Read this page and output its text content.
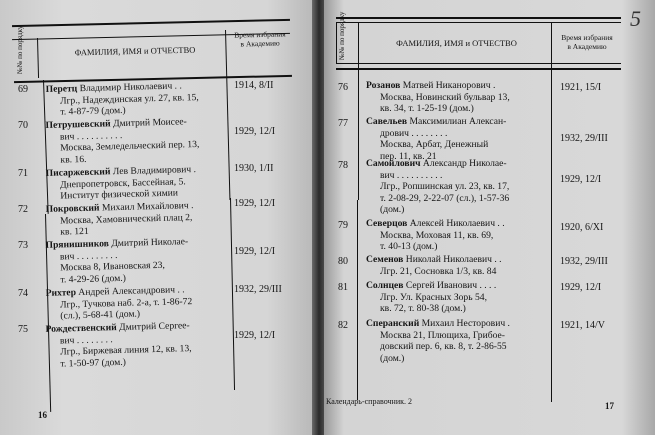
№№ по порядку	ФАМИЛИЯ, ИМЯ и ОТЧЕСТВО
Время избрания
в Академию
69 Перетц Владимир Николаевич . .
Лгр., Надеждинская ул. 27, кв. 15,
т. 4-87-79 (дом.)
1914, 8/II
70 Петрушевский Дмитрий Моисее-
вич . . . . . . . . . .
Москва, Земледельческий пер. 13,
кв. 16.
1929, 12/I
71 Писаржевский Лев Владимирович .
Днепропетровск, Бассейная, 5.
Институт физической химии
1930, 1/II
72 Покровский Михаил Михайлович .
Москва, Хамовнический плац 2,
кв. 121
1929, 12/I
73 Прянишников Дмитрий Николае-
вич . . . . . . . . .
Москва 8, Ивановская 23,
т. 4-29-26 (дом.)
1929, 12/I
74 Рихтер Андрей Александрович . .
Лгр., Тучкова наб. 2-а, т. 1-86-72
(сл.), 5-68-41 (дом.)
1932, 29/III
75 Рождественский Дмитрий Сергее-
вич . . . . . . . .
Лгр., Биржевая линия 12, кв. 13,
т. 1-50-97 (дом.)
1929, 12/I
16
№№ по порядку	ФАМИЛИЯ, ИМЯ и ОТЧЕСТВО
Время избрания
в Академию
76 Розанов Матвей Никанорович .
Москва, Новинский бульвар 13,
кв. 34, т. 1-25-19 (дом.)
1921, 15/I
77 Савельев Максимилиан Алексан-
дрович . . . . . . . .
Москва, Арбат, Денежный
пер. 11, кв. 21
1932, 29/III
78 Самойлович Александр Николае-
вич . . . . . . . . . .
Лгр., Ропшинская ул. 23, кв. 17,
т. 2-08-29, 2-22-07 (сл.), 1-57-36
(дом.)
1929, 12/I
79 Северцов Алексей Николаевич . .
Москва, Моховая 11, кв. 69,
т. 40-13 (дом.)
1920, 6/XI
80 Семенов Николай Николаевич . .
Лгр. 21, Сосновка 1/3, кв. 84
1932, 29/III
81 Солнцев Сергей Иванович . . . .
Лгр. Ул. Красных Зорь 54,
кв. 72, т. 80-38 (дом.)
1929, 12/I
82 Сперанский Михаил Несторович .
Москва 21, Плющиха, Грибое-
довский пер. 6, кв. 8, т. 2-86-55
(дом.)
1921, 14/V
Календарь-справочник. 2	17
5
